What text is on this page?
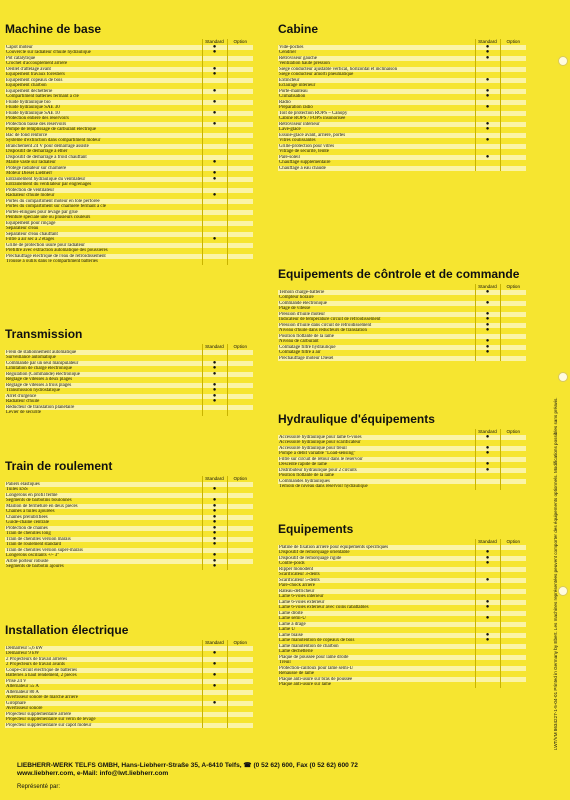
Machine de base
	Standard	Option
Capôt moteur	●	
Couvercle sur radiateur d'huile hydraulique	●	
Pot catalytique		
Crochet d'accouplement arrière		
Oeillet d'attelage avant	●	
Equipement travaux forestiers	●	
Equipement copeaux de bois		
Equipement charbon		
Equipement déchetterie	●	
Compartiment batteries fermant à clé		
Fluide hydraulique bio	●	
Fluide hydraulique SAE 30		
Fluide hydraulique SAE 10	●	
Protection entière des réservoirs		
Protection basse des réservoirs	●	
Pompe de remplissage de carburant électrique		
Bac de fond renforcé		
Système d'extinction dans compartiment moteur		
Branchement 24 V pour démarrage assisté		
Dispositif de démarrage à éther		
Dispositif de démarrage à froid chauffant		
Maille vaste sur radiateur	●	
Protégé radiateur sur charnière		
Moteur Diesel Liebherr	●	
Entraînement hydraulique du ventilateur	●	
Entraînement du ventilateur par engrenages		
Protection de ventilateur		
Radiateur d'huile moteur	●	
Portes du compartiment moteur en tôle perforée		
Portes du compartiment sur charnière fermant à clé		
Portes-élingues pour levage par grue		
Peinture spéciale une ou plusieurs couleurs		
Equipement pour rinçage		
Séparateur d'eau		
Séparateur d'eau chauffant		
Filtre à air sec à 2 étages	●	
Grille de protection usure pour radiateur		
Préfiltre avec extraction automatique des poussières		
Préchauffage électrique de l'eau de refroidissement		
Trousse à outils dans le compartiment batteries		
Transmission
	Standard	Option
Frein de stationnement automatique		
Surveillance automatique		
Commande par un seul manipulateur	●	
Limitation de charge électronique	●	
Régulation (Commande) électronique	●	
Réglage de vitesses à deux plages		
Réglage de vitesses à trois plages	●	
Transmission hydrostatique	●	
Arrêt d'urgence	●	
Radiateur d'huile	●	
Réducteur de translation planétaire		
Levier de sécurité		
Train de roulement
	Standard	Option
Paliers élastiques		
Tuiles ESS	●	
Longerons en profil fermé		
Segments de barbotins boulonnés	●	
Maillon de fermeture en deux pièces	●	
Chaînes à tuiles ajourées	●	
Chaînes prélubrifiées	●	
Guide-chaîne centrale	●	
Protection de chaînes	●	
Train de chenilles long	●	
Train de chenilles version marais	●	
Train de roulement standard	●	
Train de chenilles version super-marais		
Longerons oscillants +/- 3°	●	
Arbre porteur robuste	●	
Segments de barbotin ajourés	●	
Installation électrique
	Standard	Option
Démarreur 5,6 kW		
Démarreur 9 kW	●	
2 Projecteurs de travail arrières		
2 Projecteurs de travail avants	●	
Coupe-circuit électrique de batteries		
Batteries à haut rendement, 2 pièces	●	
Prise 24 V		
Alternateur 55 A	●	
Alternateur 80 A		
Avertisseur sonore de marche arrière		
Girophare	●	
Avertisseur sonore		
Projecteur supplémentaire arrière		
Projecteur supplémentaire sur vérin de levage		
Projecteur supplémentaire sur capôt moteur		
Cabine
	Standard	Option
Vide-poches	●	
Cendrier	●	
Rétroviseur gauche	●	
Ventilation haute pression		
Siège conducteur ajustable vertical, horizontal et inclinaison		
Siège conducteur amorti pneumatique		
Extincteur	●	
Eclairage intérieur		
Porte-manteau	●	
Climatisation	●	
Radio		
Préparation radio	●	
Toit de protection ROPS – Canopy		
Cabine ROPS / FOPS insonorisée		
Rétroviseur intérieur	●	
Lave-glace	●	
Essuie-glace avant, arrière, portes		
Vitres coulissantes	●	
Grille-protection pour vitres		
Vitrage de sécurité, teinté		
Pare-soleil	●	
Chauffage supplémentaire		
Chauffage à eau chaude		
Equipements de côntrole et de commande
	Standard	Option
Temoin charge-batterie	●	
Compteur horaire		
Commande électronique	●	
Plage de vitesse		
Pression d'huile moteur	●	
Indicateur de température circuit de refroidissement	●	
Pression d'huile dans circuit de refroidissement	●	
Niveau d'huile dans réducteurs de translation	●	
Position flottante de la lame		
Niveau de carburant	●	
Colmatage filtre hydraulique	●	
Colmatage filtre à air	●	
Préchauffage moteur Diesel		
Hydraulique d'équipements
	Standard	Option
Accessoire hydraulique pour lame 6-voies	●	
Accessoire hydraulique pour scarificateur		
Accessoire hydraulique pour treuil	●	
Pompe à débit variable "Load-sensing"	●	
Filtre sur circuit de retour dans le reservoir		
Descente rapide de lame	●	
Distributeur hydraulique pour 2 circuits	●	
Position flottante de la lame		
Commandes hydrauliques		
Témoin de niveau dans réservoir hydraulique		
Equipements
	Standard	Option
Platine de fixation arrière pour équipements spécifiques		
Dispositif de remorquage orientable	●	
Dispositif de remorquage rigide	●	
Contre-poids	●	
Ripper monodent		
Scarificateur 3-dents		
Scarificateur 5-dents	●	
Pare-chock arrière		
Rateau-défricheur		
Lame 6-voies intérieur		
Lame 6-voies exterieur	●	
Lame 6-voies exterieur avec coins rabattables	●	
Lame droite		
Lame semi-U	●	
Lame à drage		
Lame U		
Lame biaise	●	
Lame manutention de copeaux de bois	●	
Lame manutention de charbon		
Lame déchetterie		
Plaque de poussée pour lame droite		
Treuil		
Protection-cailloux pour lame semi-U		
Rehausse de lame		
Plaque anti-usure sur bras de poussée		
Plaque anti-usure sur lame			LWT/VM 8634227-1-5-04-01 Printed in Germany by Ebert. Les machines représentées peuvent comporter des équipements optionnels. Modifications possibles sans préavis.
LIEBHERR-WERK TELFS GMBH, Hans-Liebherr-Straße 35, A-6410 Telfs, ☎ (0 52 62) 600, Fax (0 52 62) 600 72
www.liebherr.com, e-Mail: info@lwt.liebherr.com
Représenté par:
